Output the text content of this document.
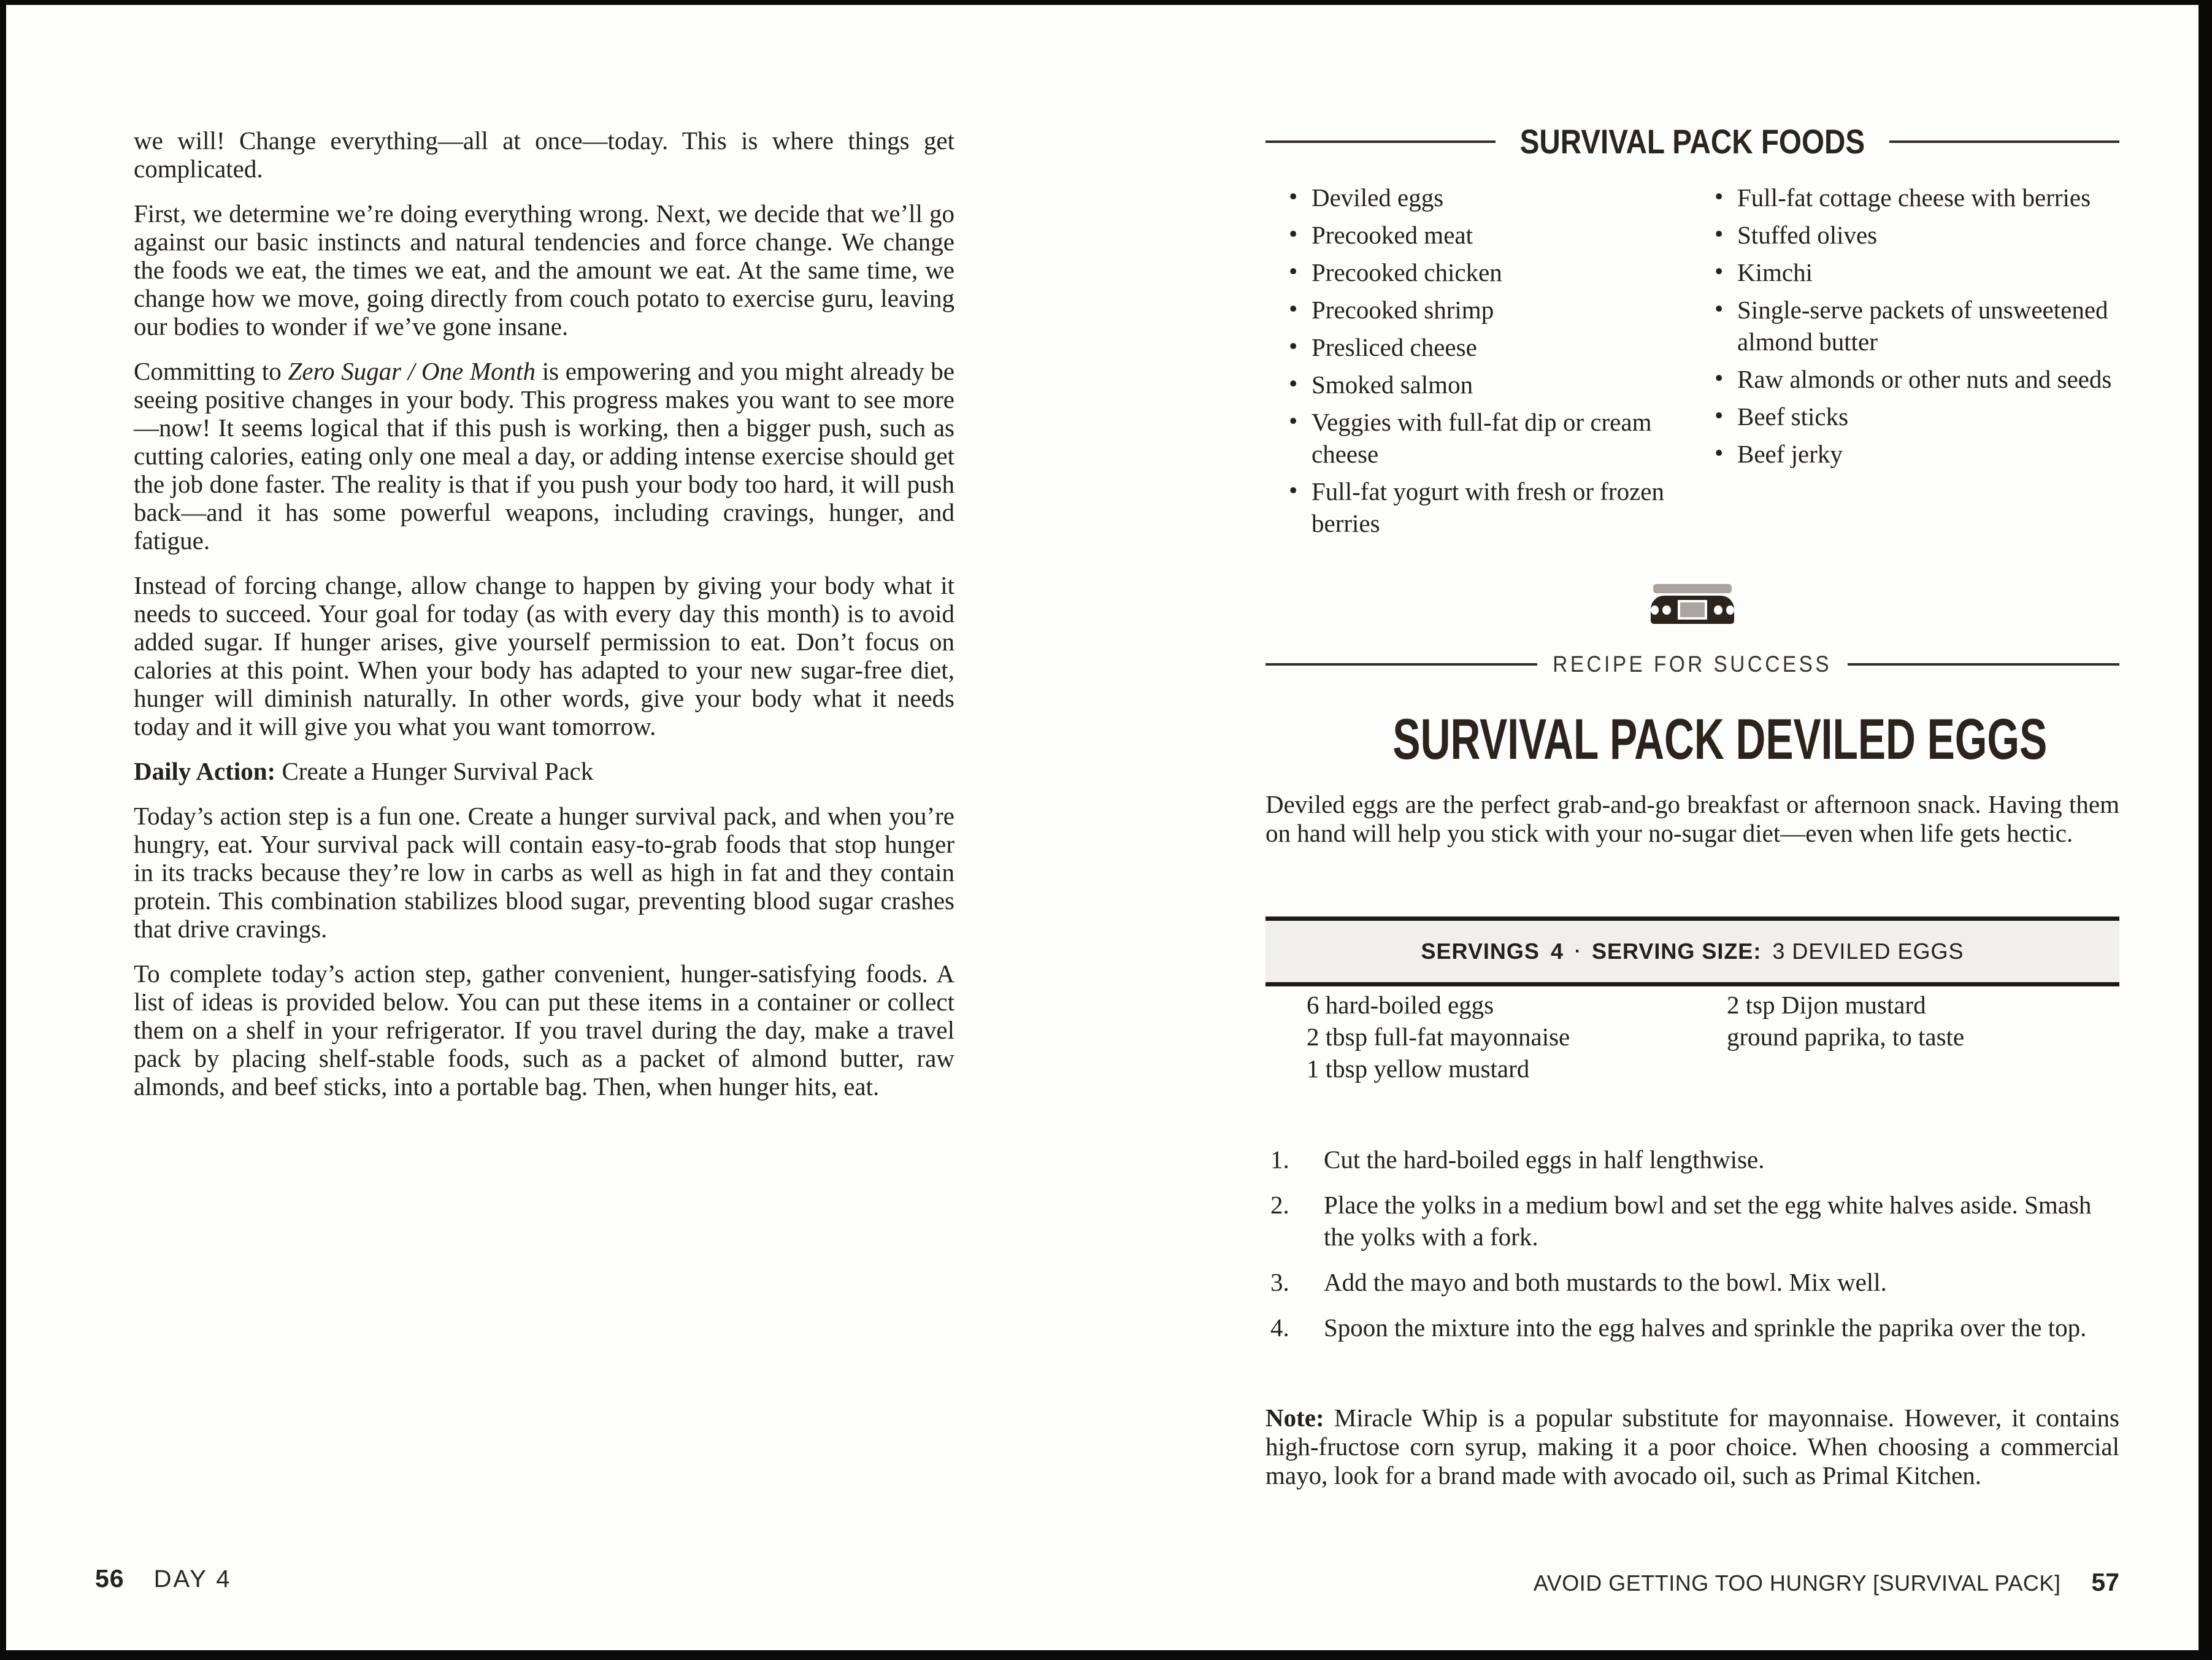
we will! Change everything—all at once—today. This is where things get complicated.

First, we determine we’re doing everything wrong. Next, we decide that we’ll go against our basic instincts and natural tendencies and force change. We change the foods we eat, the times we eat, and the amount we eat. At the same time, we change how we move, going directly from couch potato to exercise guru, leaving our bodies to wonder if we’ve gone insane.

Committing to Zero Sugar / One Month is empowering and you might already be seeing positive changes in your body. This progress makes you want to see more—now! It seems logical that if this push is working, then a bigger push, such as cutting calories, eating only one meal a day, or adding intense exercise should get the job done faster. The reality is that if you push your body too hard, it will push back—and it has some powerful weapons, including cravings, hunger, and fatigue.

Instead of forcing change, allow change to happen by giving your body what it needs to succeed. Your goal for today (as with every day this month) is to avoid added sugar. If hunger arises, give yourself permission to eat. Don’t focus on calories at this point. When your body has adapted to your new sugar-free diet, hunger will diminish naturally. In other words, give your body what it needs today and it will give you what you want tomorrow.

Daily Action: Create a Hunger Survival Pack

Today’s action step is a fun one. Create a hunger survival pack, and when you’re hungry, eat. Your survival pack will contain easy-to-grab foods that stop hunger in its tracks because they’re low in carbs as well as high in fat and they contain protein. This combination stabilizes blood sugar, preventing blood sugar crashes that drive cravings.

To complete today’s action step, gather convenient, hunger-satisfying foods. A list of ideas is provided below. You can put these items in a container or collect them on a shelf in your refrigerator. If you travel during the day, make a travel pack by placing shelf-stable foods, such as a packet of almond butter, raw almonds, and beef sticks, into a portable bag. Then, when hunger hits, eat.

56 DAY 4
SURVIVAL PACK FOODS
• Deviled eggs
• Precooked meat
• Precooked chicken
• Precooked shrimp
• Presliced cheese
• Smoked salmon
• Veggies with full-fat dip or cream cheese
• Full-fat yogurt with fresh or frozen berries
• Full-fat cottage cheese with berries
• Stuffed olives
• Kimchi
• Single-serve packets of unsweetened almond butter
• Raw almonds or other nuts and seeds
• Beef sticks
• Beef jerky
RECIPE FOR SUCCESS
SURVIVAL PACK DEVILED EGGS
Deviled eggs are the perfect grab-and-go breakfast or afternoon snack. Having them on hand will help you stick with your no-sugar diet—even when life gets hectic.
SERVINGS 4 · SERVING SIZE: 3 DEVILED EGGS
6 hard-boiled eggs
2 tbsp full-fat mayonnaise
1 tbsp yellow mustard
2 tsp Dijon mustard
ground paprika, to taste
1.	Cut the hard-boiled eggs in half lengthwise.
2.	Place the yolks in a medium bowl and set the egg white halves aside. Smash the yolks with a fork.
3.	Add the mayo and both mustards to the bowl. Mix well.
4.	Spoon the mixture into the egg halves and sprinkle the paprika over the top.
Note: Miracle Whip is a popular substitute for mayonnaise. However, it contains high-fructose corn syrup, making it a poor choice. When choosing a commercial mayo, look for a brand made with avocado oil, such as Primal Kitchen.
AVOID GETTING TOO HUNGRY [SURVIVAL PACK] 57
